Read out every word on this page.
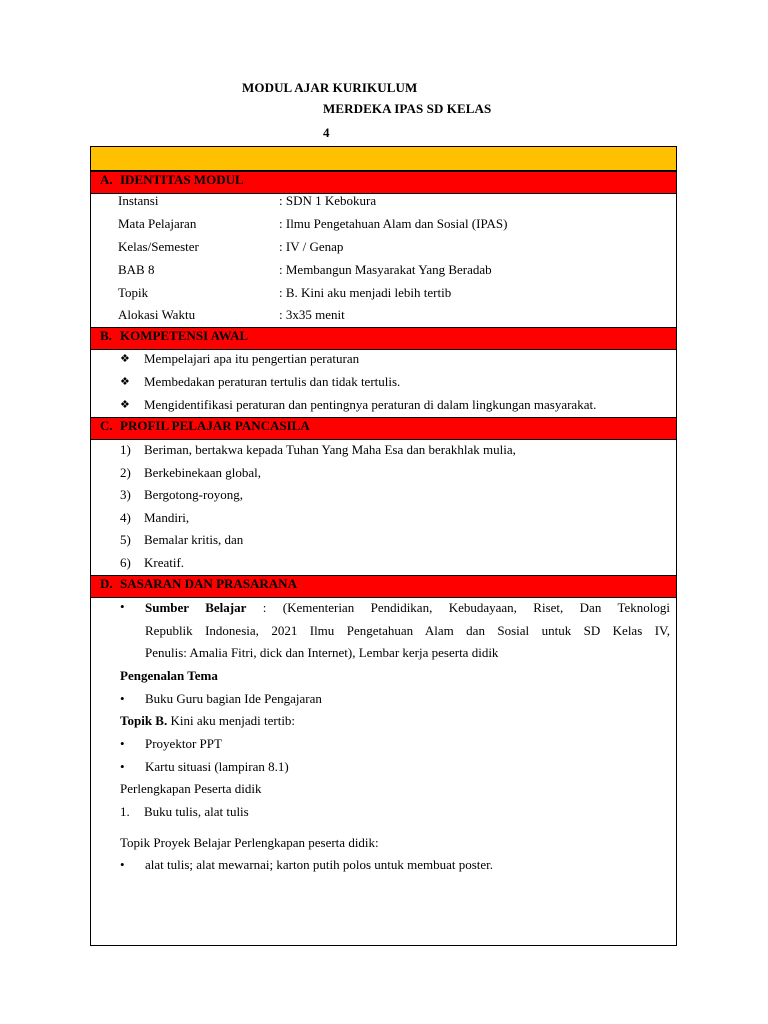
MODUL AJAR KURIKULUM
MERDEKA IPAS SD KELAS
4
A. IDENTITAS MODUL
Instansi	: SDN 1 Kebokura
Mata Pelajaran	: Ilmu Pengetahuan Alam dan Sosial (IPAS)
Kelas/Semester	: IV / Genap
BAB 8	: Membangun Masyarakat Yang Beradab
Topik	: B. Kini aku menjadi lebih tertib
Alokasi Waktu	: 3x35 menit
B. KOMPETENSI AWAL
❖ Mempelajari apa itu pengertian peraturan
❖ Membedakan peraturan tertulis dan tidak tertulis.
❖ Mengidentifikasi peraturan dan pentingnya peraturan di dalam lingkungan masyarakat.
C. PROFIL PELAJAR PANCASILA
1) Beriman, bertakwa kepada Tuhan Yang Maha Esa dan berakhlak mulia,
2) Berkebinekaan global,
3) Bergotong-royong,
4) Mandiri,
5) Bemalar kritis, dan
6) Kreatif.
D. SASARAN DAN PRASARANA
• Sumber Belajar : (Kementerian Pendidikan, Kebudayaan, Riset, Dan Teknologi
Republik Indonesia, 2021 Ilmu Pengetahuan Alam dan Sosial untuk SD Kelas IV,
Penulis: Amalia Fitri, dick dan Internet), Lembar kerja peserta didik
Pengenalan Tema
• Buku Guru bagian Ide Pengajaran
Topik B. Kini aku menjadi tertib:
• Proyektor PPT
• Kartu situasi (lampiran 8.1)
Perlengkapan Peserta didik
1. Buku tulis, alat tulis
Topik Proyek Belajar Perlengkapan peserta didik:
• alat tulis; alat mewarnai; karton putih polos untuk membuat poster.
